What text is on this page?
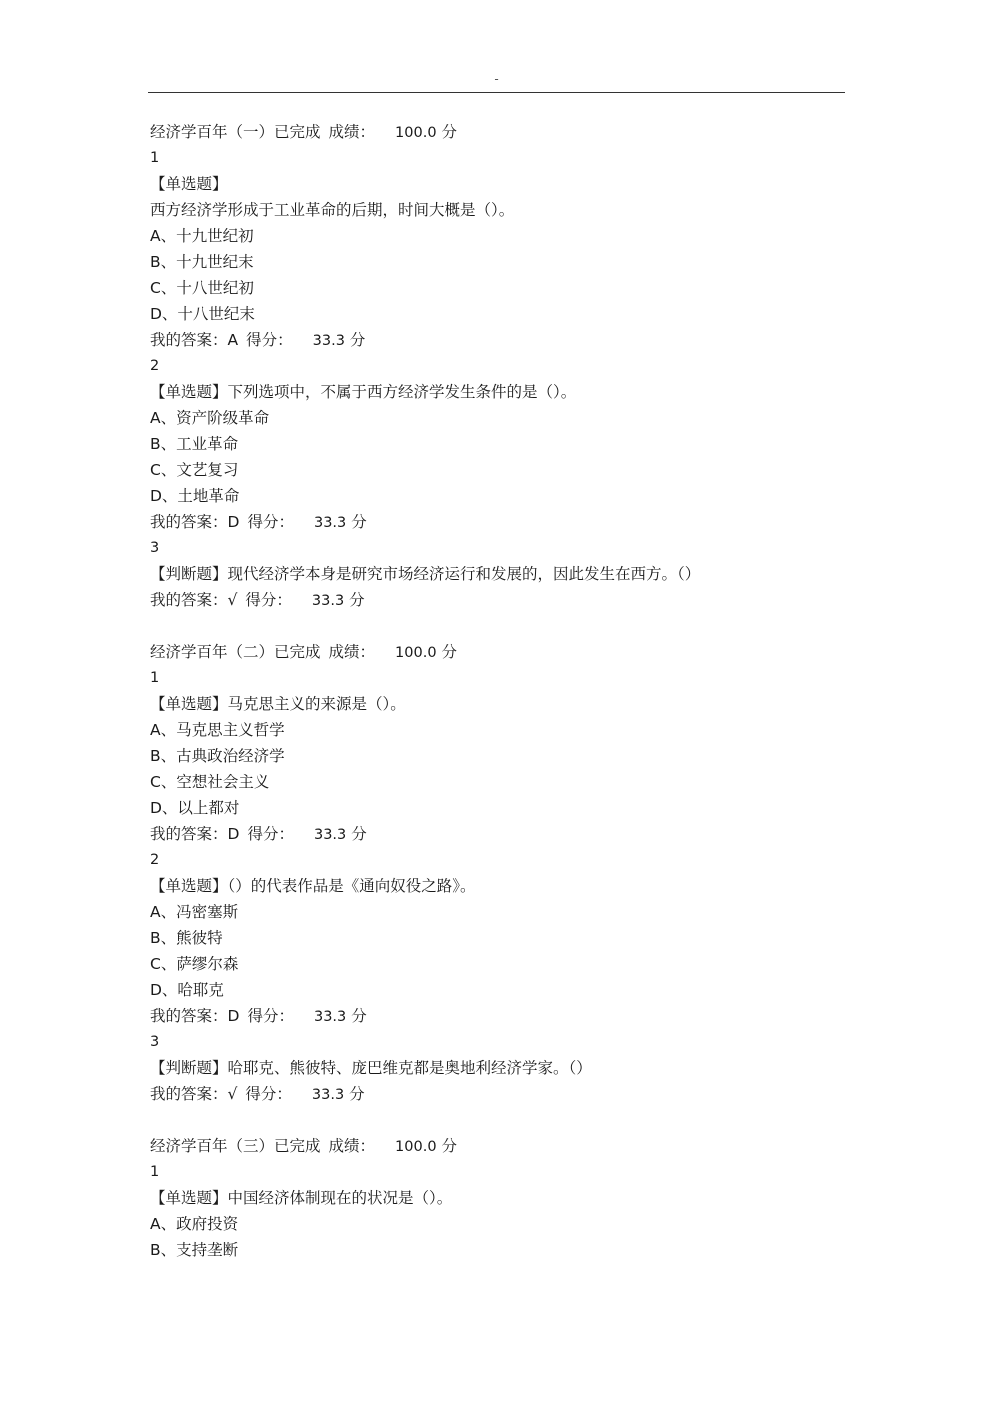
-
经济学百年（一）已完成 成绩： 100.0 分
1
【单选题】
西方经济学形成于工业革命的后期，时间大概是（）。
A、十九世纪初
B、十九世纪末
C、十八世纪初
D、十八世纪末
我的答案：A 得分： 33.3 分
2
【单选题】下列选项中，不属于西方经济学发生条件的是（）。
A、资产阶级革命
B、工业革命
C、文艺复习
D、土地革命
我的答案：D 得分： 33.3 分
3
【判断题】现代经济学本身是研究市场经济运行和发展的，因此发生在西方。（）
我的答案：√ 得分： 33.3 分
经济学百年（二）已完成 成绩： 100.0 分
1
【单选题】马克思主义的来源是（）。
A、马克思主义哲学
B、古典政治经济学
C、空想社会主义
D、以上都对
我的答案：D 得分： 33.3 分
2
【单选题】（）的代表作品是《通向奴役之路》。
A、冯密塞斯
B、熊彼特
C、萨缪尔森
D、哈耶克
我的答案：D 得分： 33.3 分
3
【判断题】哈耶克、熊彼特、庞巴维克都是奥地利经济学家。（）
我的答案：√ 得分： 33.3 分
经济学百年（三）已完成 成绩： 100.0 分
1
【单选题】中国经济体制现在的状况是（）。
A、政府投资
B、支持垄断
